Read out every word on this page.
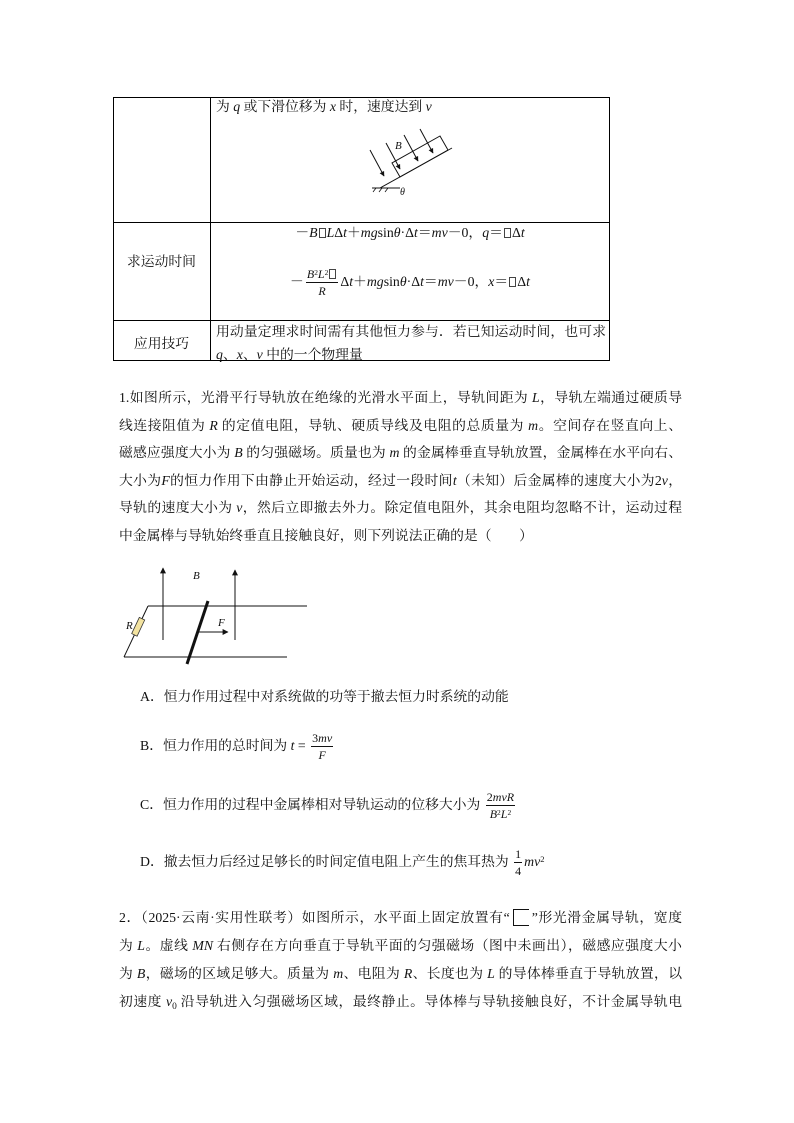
为 q 或下滑位移为 x 时，速度达到 v
B
θ
求运动时间
－B LΔt＋mgsinθ·Δt＝mv－0，q＝ Δt
－ $\frac{B^2L^2}{R} \Delta t+mgsin\theta\cdot\Delta t=mv-0$，x＝ Δt
应用技巧
用动量定理求时间需有其他恒力参与．若已知运动时间，也可求
q、x、v 中的一个物理量
1.如图所示，光滑平行导轨放在绝缘的光滑水平面上，导轨间距为 L，导轨左端通过硬质导
线连接阻值为 R 的定值电阻，导轨、硬质导线及电阻的总质量为 m。空间存在竖直向上、
磁感应强度大小为 B 的匀强磁场。质量也为 m 的金属棒垂直导轨放置，金属棒在水平向右、
大小为F的恒力作用下由静止开始运动，经过一段时间t（未知）后金属棒的速度大小为2v，
导轨的速度大小为 v，然后立即撤去外力。除定值电阻外，其余电阻均忽略不计，运动过程
中金属棒与导轨始终垂直且接触良好，则下列说法正确的是（　　）
R
B
F
A．恒力作用过程中对系统做的功等于撤去恒力时系统的动能
B．恒力作用的总时间为 $t = \frac{3mv}{F}$
C．恒力作用的过程中金属棒相对导轨运动的位移大小为 $\frac{\text{2mvR}}{B^2L^2}$
D．撤去恒力后经过足够长的时间定值电阻上产生的焦耳热为 $\frac{1}{4} mv^2$
2．（2025·云南·实用性联考）如图所示，水平面上固定放置有“ ”形光滑金属导轨，宽度
为 L。虚线 MN 右侧存在方向垂直于导轨平面的匀强磁场（图中未画出），磁感应强度大小
为 B，磁场的区域足够大。质量为 m、电阻为 R、长度也为 L 的导体棒垂直于导轨放置，以
初速度 $v_0$ 沿导轨进入匀强磁场区域，最终静止。导体棒与导轨接触良好，不计金属导轨电
